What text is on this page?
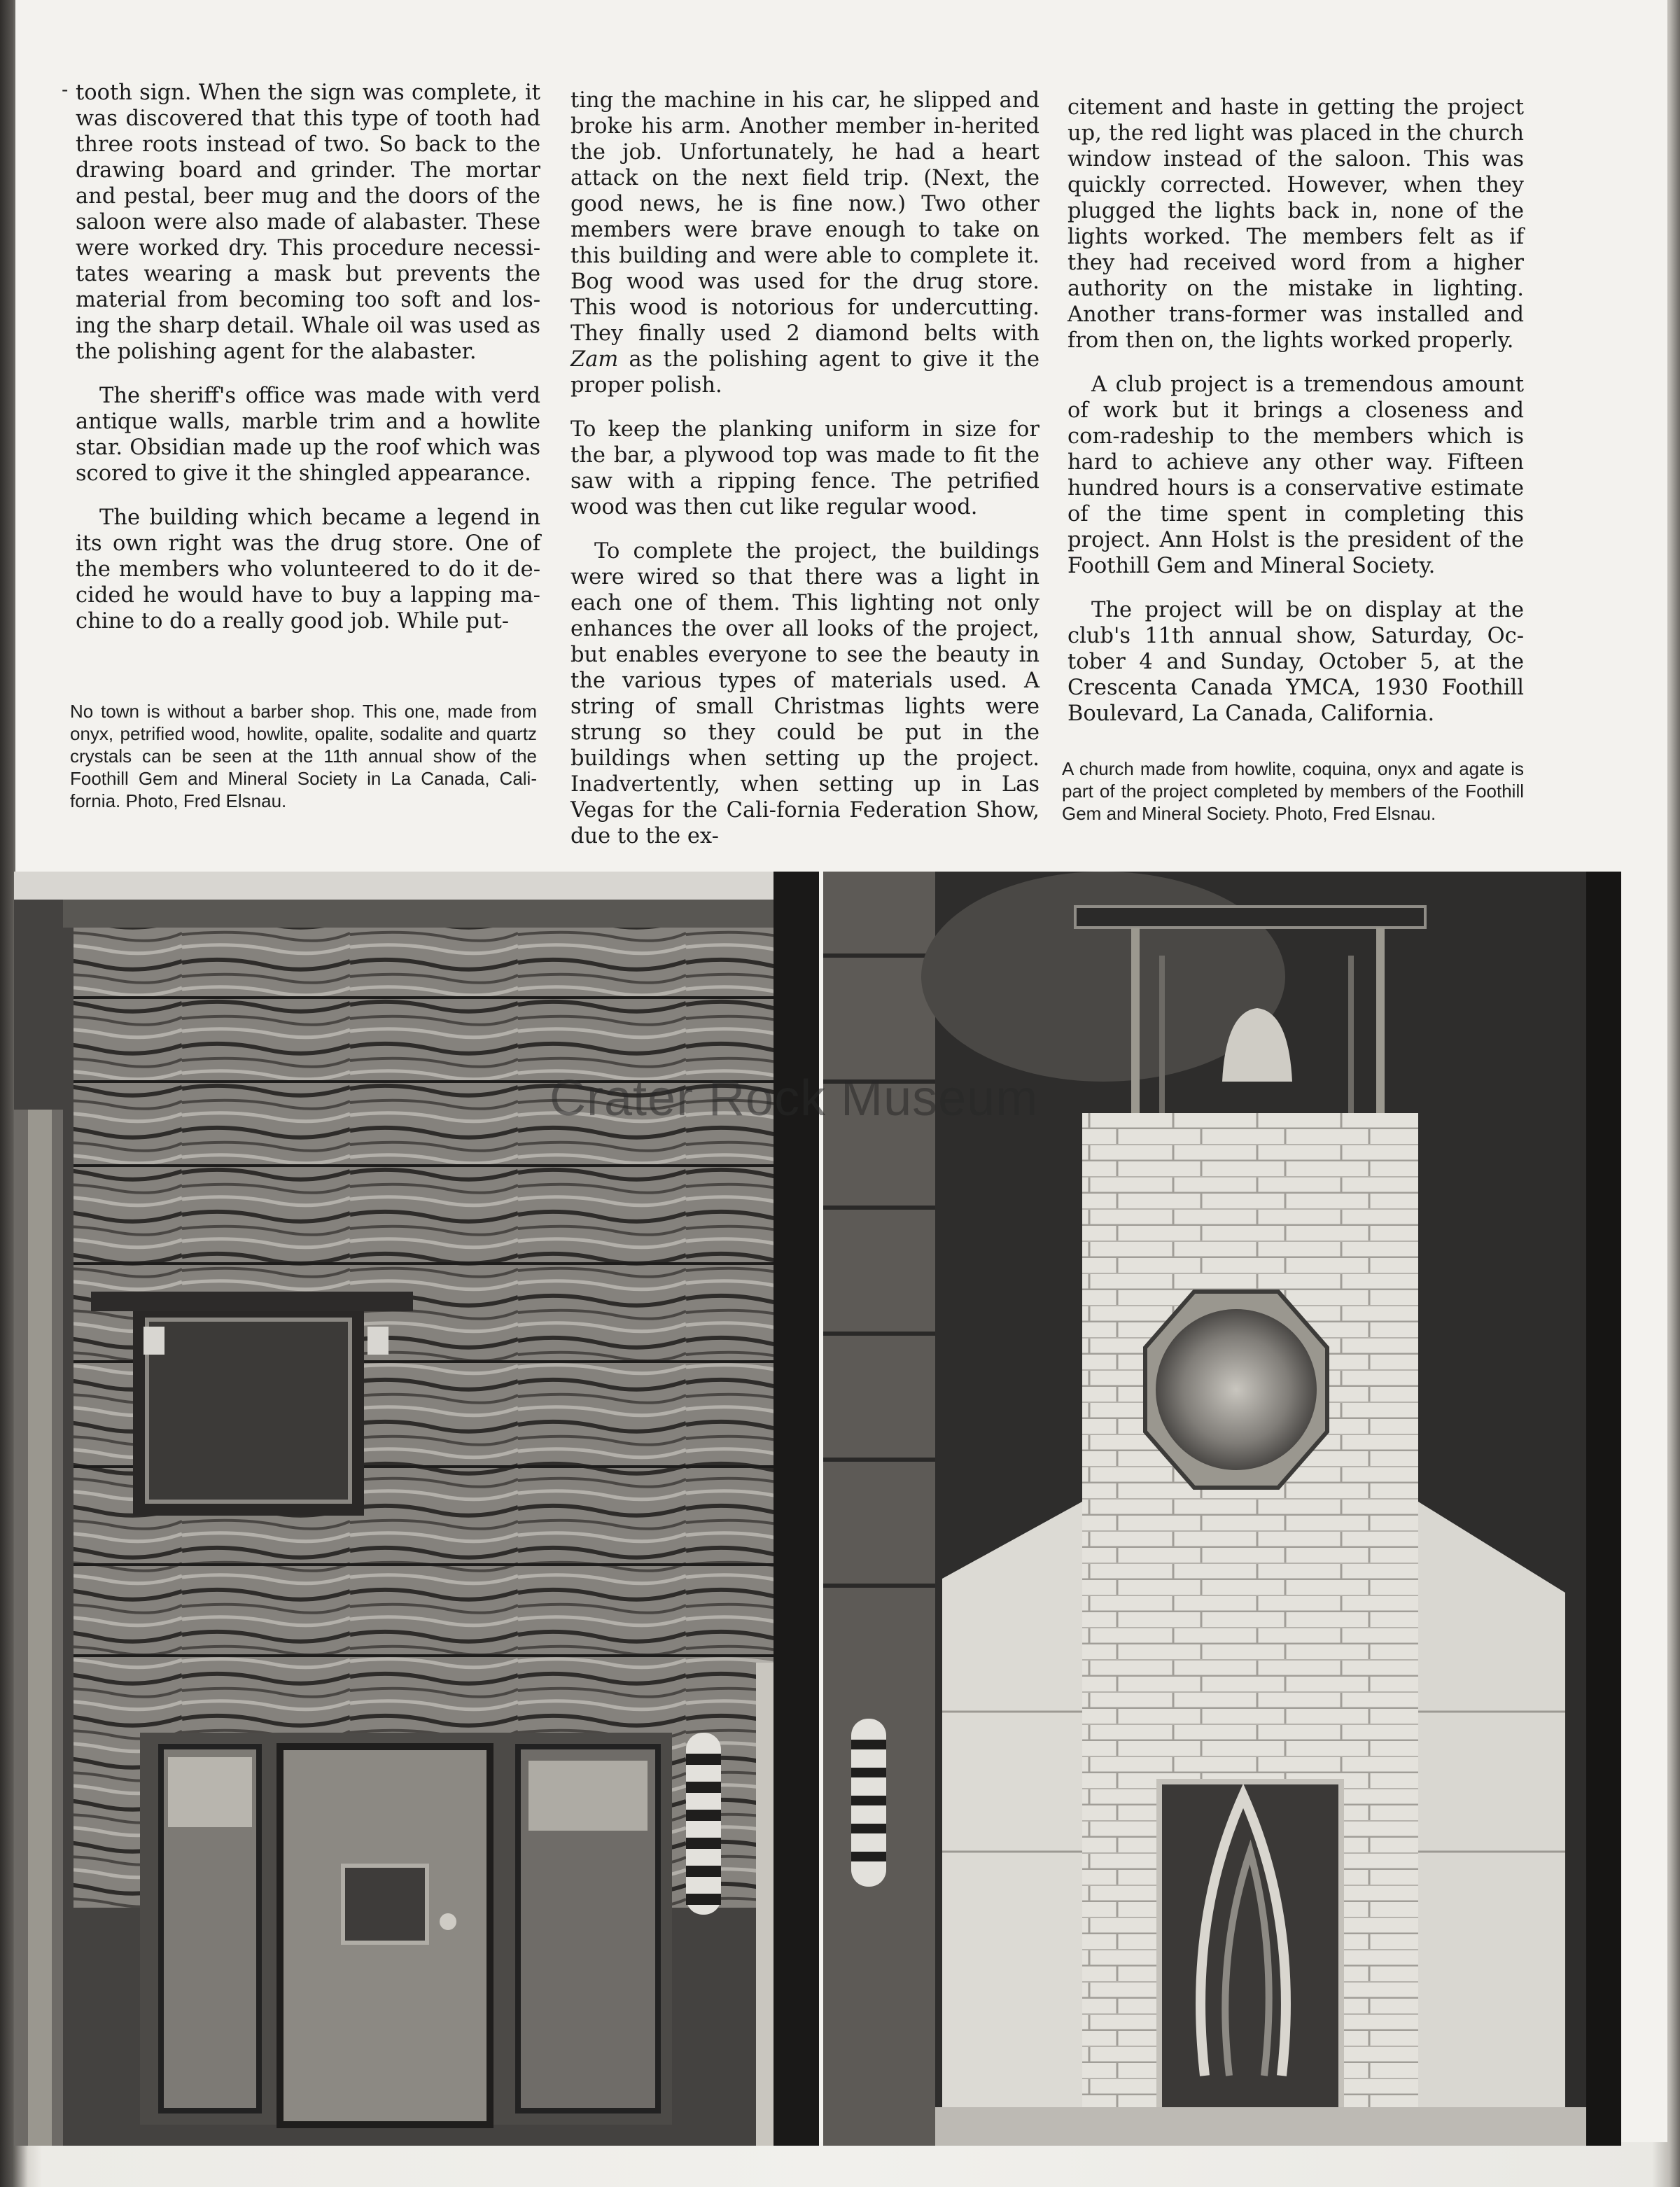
- tooth sign. When the sign was complete, it was discovered that this type of tooth had three roots instead of two. So back to the drawing board and grinder. The mortar and pestal, beer mug and the doors of the saloon were also made of alabaster. These were worked dry. This procedure necessi-tates wearing a mask but prevents the material from becoming too soft and los-ing the sharp detail. Whale oil was used as the polishing agent for the alabaster.

The sheriff's office was made with verd antique walls, marble trim and a howlite star. Obsidian made up the roof which was scored to give it the shingled appearance.

The building which became a legend in its own right was the drug store. One of the members who volunteered to do it de-cided he would have to buy a lapping ma-chine to do a really good job. While put-

No town is without a barber shop. This one, made from onyx, petrified wood, howlite, opalite, sodalite and quartz crystals can be seen at the 11th annual show of the Foothill Gem and Mineral Society in La Canada, Cali-fornia. Photo, Fred Elsnau.

ting the machine in his car, he slipped and broke his arm. Another member in-herited the job. Unfortunately, he had a heart attack on the next field trip. (Next, the good news, he is fine now.) Two other members were brave enough to take on this building and were able to complete it. Bog wood was used for the drug store. This wood is notorious for undercutting. They finally used 2 diamond belts with Zam as the polishing agent to give it the proper polish.

To keep the planking uniform in size for the bar, a plywood top was made to fit the saw with a ripping fence. The petrified wood was then cut like regular wood.

To complete the project, the buildings were wired so that there was a light in each one of them. This lighting not only enhances the over all looks of the project, but enables everyone to see the beauty in the various types of materials used. A string of small Christmas lights were strung so they could be put in the buildings when setting up the project. Inadvertently, when setting up in Las Vegas for the Cali-fornia Federation Show, due to the ex-

citement and haste in getting the project up, the red light was placed in the church window instead of the saloon. This was quickly corrected. However, when they plugged the lights back in, none of the lights worked. The members felt as if they had received word from a higher authority on the mistake in lighting. Another trans-former was installed and from then on, the lights worked properly.

A club project is a tremendous amount of work but it brings a closeness and com-radeship to the members which is hard to achieve any other way. Fifteen hundred hours is a conservative estimate of the time spent in completing this project. Ann Holst is the president of the Foothill Gem and Mineral Society.

The project will be on display at the club's 11th annual show, Saturday, Oc-tober 4 and Sunday, October 5, at the Crescenta Canada YMCA, 1930 Foothill Boulevard, La Canada, California.

A church made from howlite, coquina, onyx and agate is part of the project completed by members of the Foothill Gem and Mineral Society. Photo, Fred Elsnau.

Crater Rock Museum
